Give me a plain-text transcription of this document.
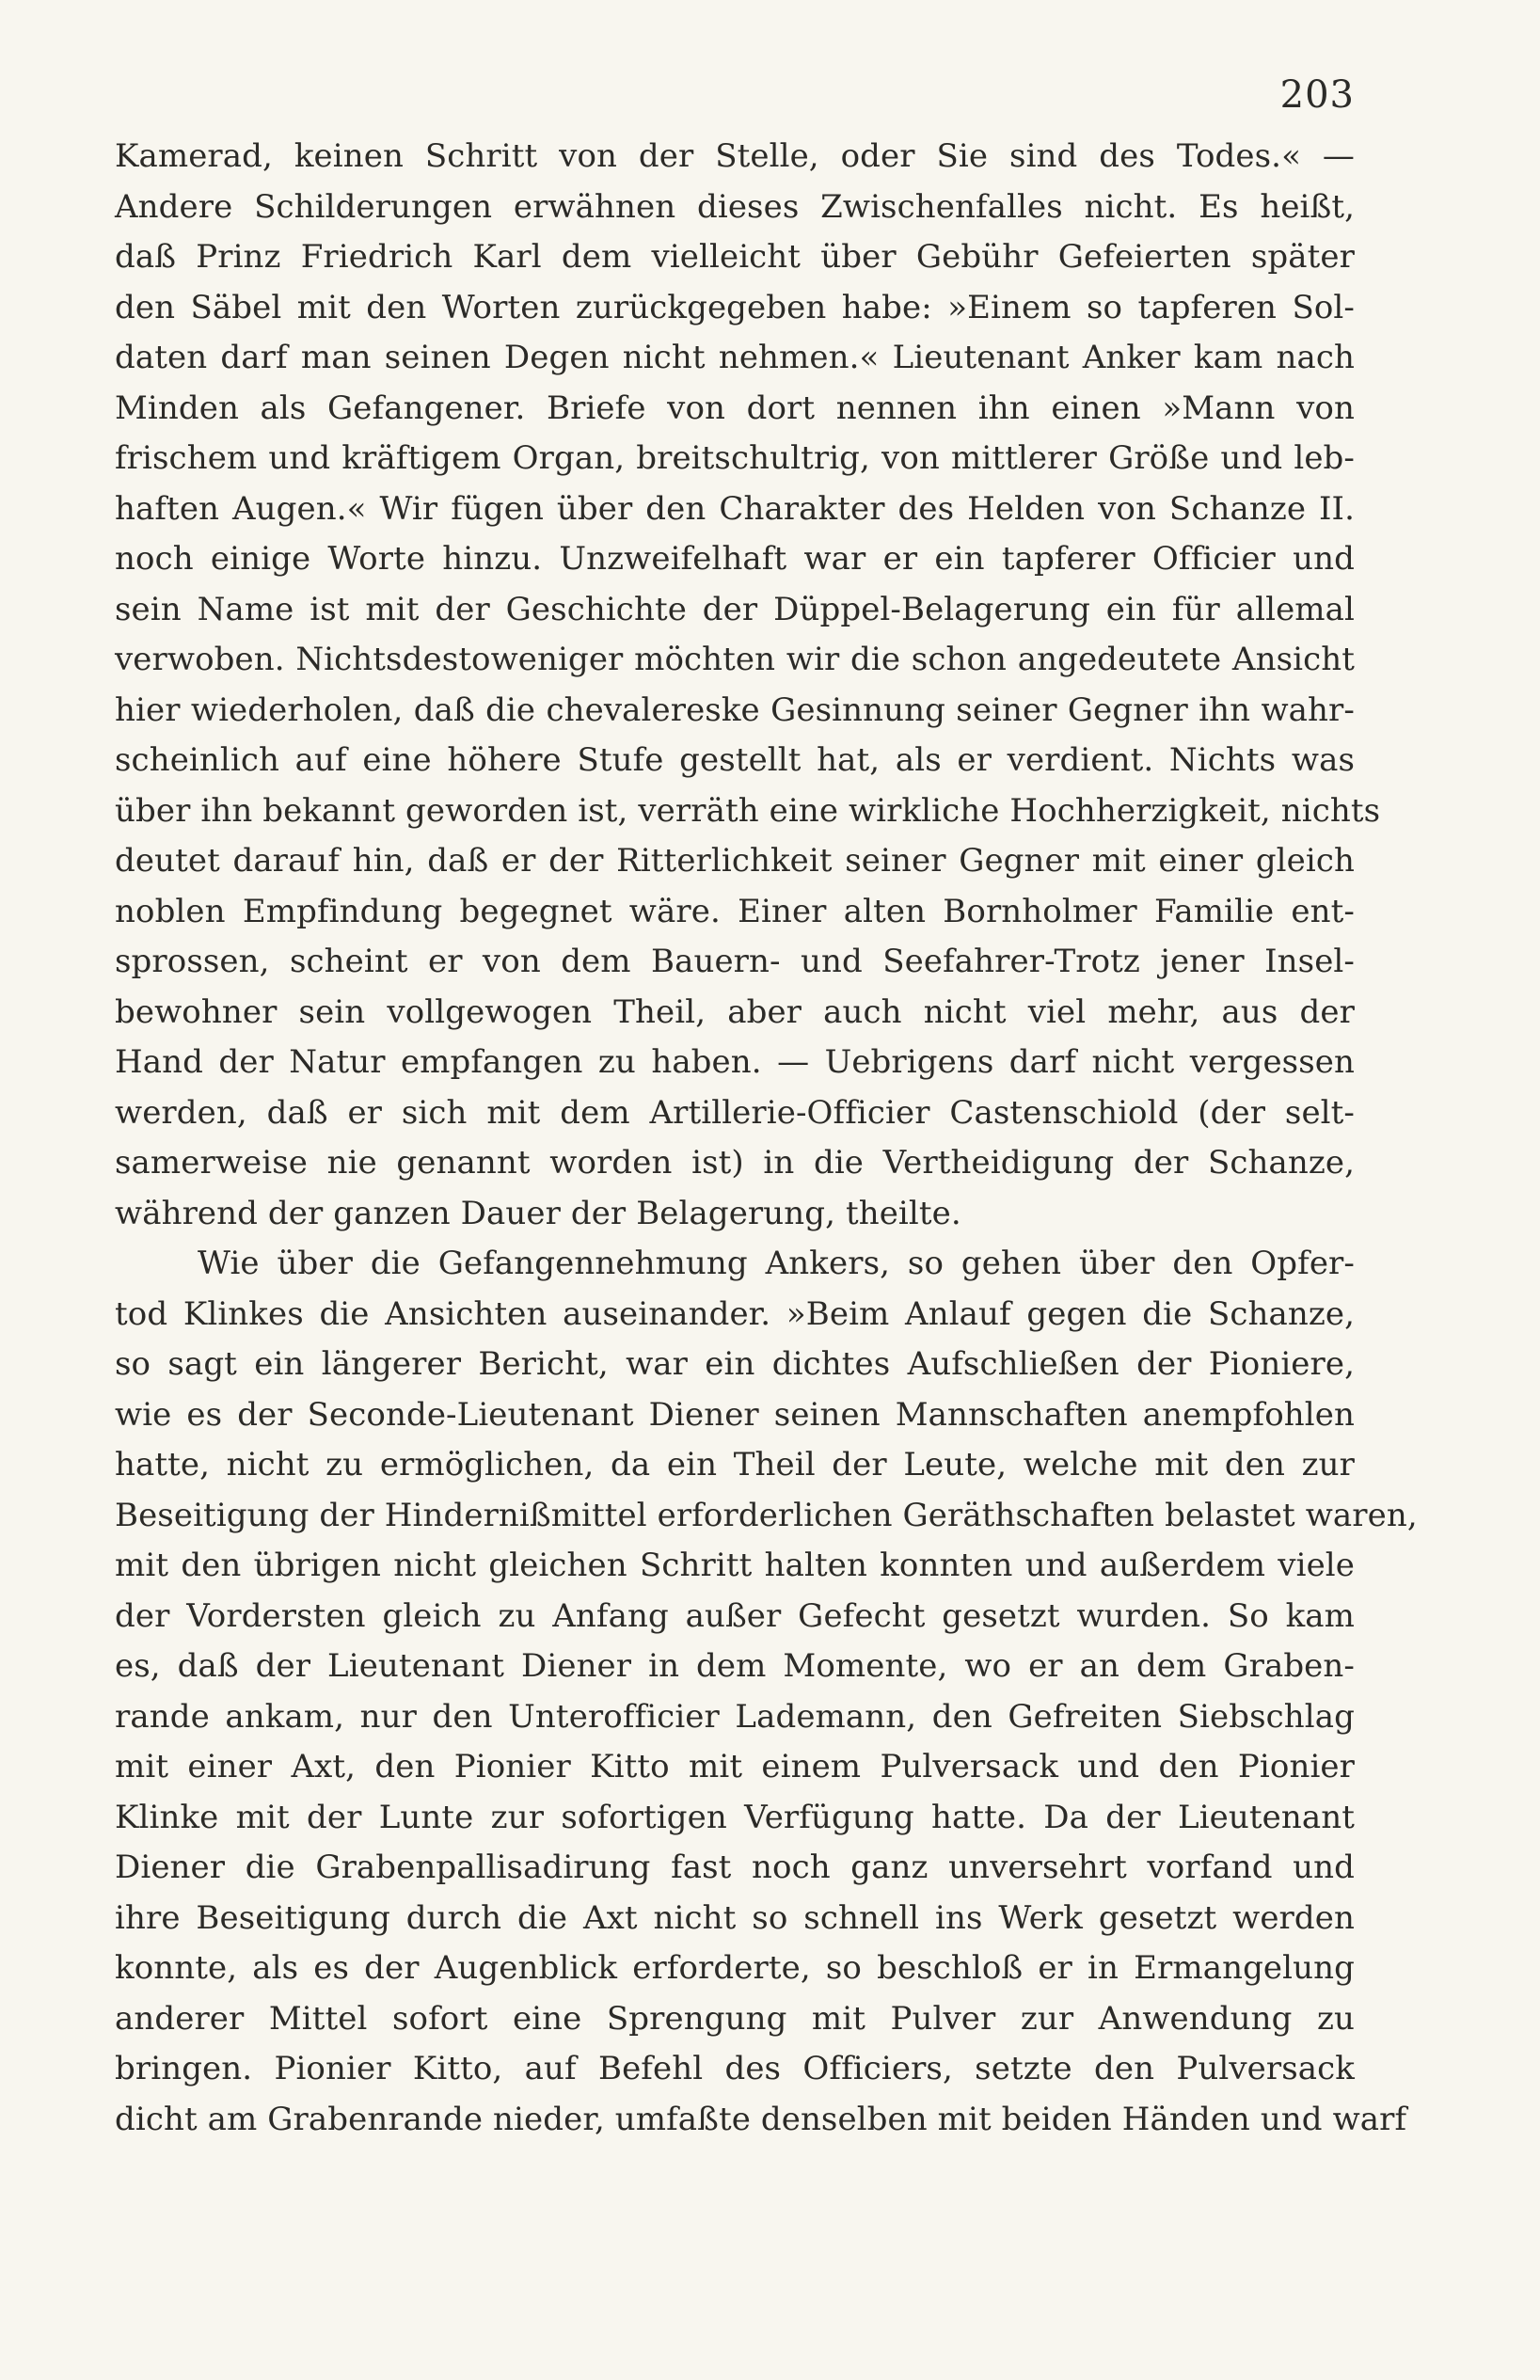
203
Kamerad, keinen Schritt von der Stelle, oder Sie sind des Todes.« —
Andere Schilderungen erwähnen dieses Zwischenfalles nicht. Es heißt,
daß Prinz Friedrich Karl dem vielleicht über Gebühr Gefeierten später
den Säbel mit den Worten zurückgegeben habe: »Einem so tapferen Sol-
daten darf man seinen Degen nicht nehmen.« Lieutenant Anker kam nach
Minden als Gefangener. Briefe von dort nennen ihn einen »Mann von
frischem und kräftigem Organ, breitschultrig, von mittlerer Größe und leb-
haften Augen.« Wir fügen über den Charakter des Helden von Schanze II.
noch einige Worte hinzu. Unzweifelhaft war er ein tapferer Officier und
sein Name ist mit der Geschichte der Düppel-Belagerung ein für allemal
verwoben. Nichtsdestoweniger möchten wir die schon angedeutete Ansicht
hier wiederholen, daß die chevalereske Gesinnung seiner Gegner ihn wahr-
scheinlich auf eine höhere Stufe gestellt hat, als er verdient. Nichts was
über ihn bekannt geworden ist, verräth eine wirkliche Hochherzigkeit, nichts
deutet darauf hin, daß er der Ritterlichkeit seiner Gegner mit einer gleich
noblen Empfindung begegnet wäre. Einer alten Bornholmer Familie ent-
sprossen, scheint er von dem Bauern- und Seefahrer-Trotz jener Insel-
bewohner sein vollgewogen Theil, aber auch nicht viel mehr, aus der
Hand der Natur empfangen zu haben. — Uebrigens darf nicht vergessen
werden, daß er sich mit dem Artillerie-Officier Castenschiold (der selt-
samerweise nie genannt worden ist) in die Vertheidigung der Schanze,
während der ganzen Dauer der Belagerung, theilte.
Wie über die Gefangennehmung Ankers, so gehen über den Opfer-
tod Klinkes die Ansichten auseinander. »Beim Anlauf gegen die Schanze,
so sagt ein längerer Bericht, war ein dichtes Aufschließen der Pioniere,
wie es der Seconde-Lieutenant Diener seinen Mannschaften anempfohlen
hatte, nicht zu ermöglichen, da ein Theil der Leute, welche mit den zur
Beseitigung der Hindernißmittel erforderlichen Geräthschaften belastet waren,
mit den übrigen nicht gleichen Schritt halten konnten und außerdem viele
der Vordersten gleich zu Anfang außer Gefecht gesetzt wurden. So kam
es, daß der Lieutenant Diener in dem Momente, wo er an dem Graben-
rande ankam, nur den Unterofficier Lademann, den Gefreiten Siebschlag
mit einer Axt, den Pionier Kitto mit einem Pulversack und den Pionier
Klinke mit der Lunte zur sofortigen Verfügung hatte. Da der Lieutenant
Diener die Grabenpallisadirung fast noch ganz unversehrt vorfand und
ihre Beseitigung durch die Axt nicht so schnell ins Werk gesetzt werden
konnte, als es der Augenblick erforderte, so beschloß er in Ermangelung
anderer Mittel sofort eine Sprengung mit Pulver zur Anwendung zu
bringen. Pionier Kitto, auf Befehl des Officiers, setzte den Pulversack
dicht am Grabenrande nieder, umfaßte denselben mit beiden Händen und warf
